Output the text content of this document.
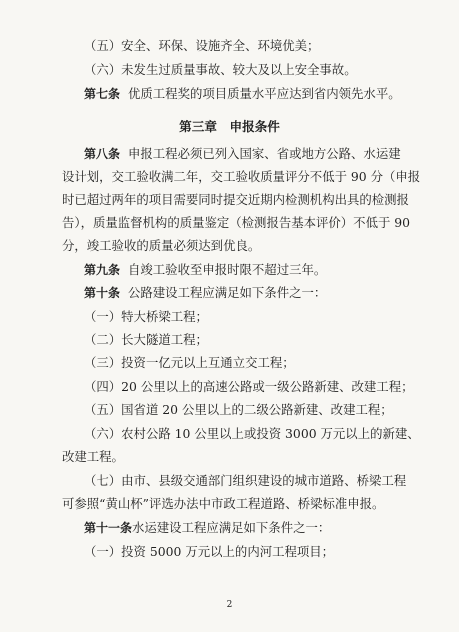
（五）安全、环保、设施齐全、环境优美；
（六）未发生过质量事故、较大及以上安全事故。
第七条 优质工程奖的项目质量水平应达到省内领先水平。
第三章　申报条件
第八条 申报工程必须已列入国家、省或地方公路、水运建
设计划，交工验收满二年，交工验收质量评分不低于 90 分（申报
时已超过两年的项目需要同时提交近期内检测机构出具的检测报
告），质量监督机构的质量鉴定（检测报告基本评价）不低于 90
分，竣工验收的质量必须达到优良。
第九条 自竣工验收至申报时限不超过三年。
第十条 公路建设工程应满足如下条件之一：
（一）特大桥梁工程；
（二）长大隧道工程；
（三）投资一亿元以上互通立交工程；
（四）20 公里以上的高速公路或一级公路新建、改建工程；
（五）国省道 20 公里以上的二级公路新建、改建工程；
（六）农村公路 10 公里以上或投资 3000 万元以上的新建、
改建工程。
（七）由市、县级交通部门组织建设的城市道路、桥梁工程
可参照“黄山杯”评选办法中市政工程道路、桥梁标准申报。
第十一条水运建设工程应满足如下条件之一：
2
（一）投资 5000 万元以上的内河工程项目；
